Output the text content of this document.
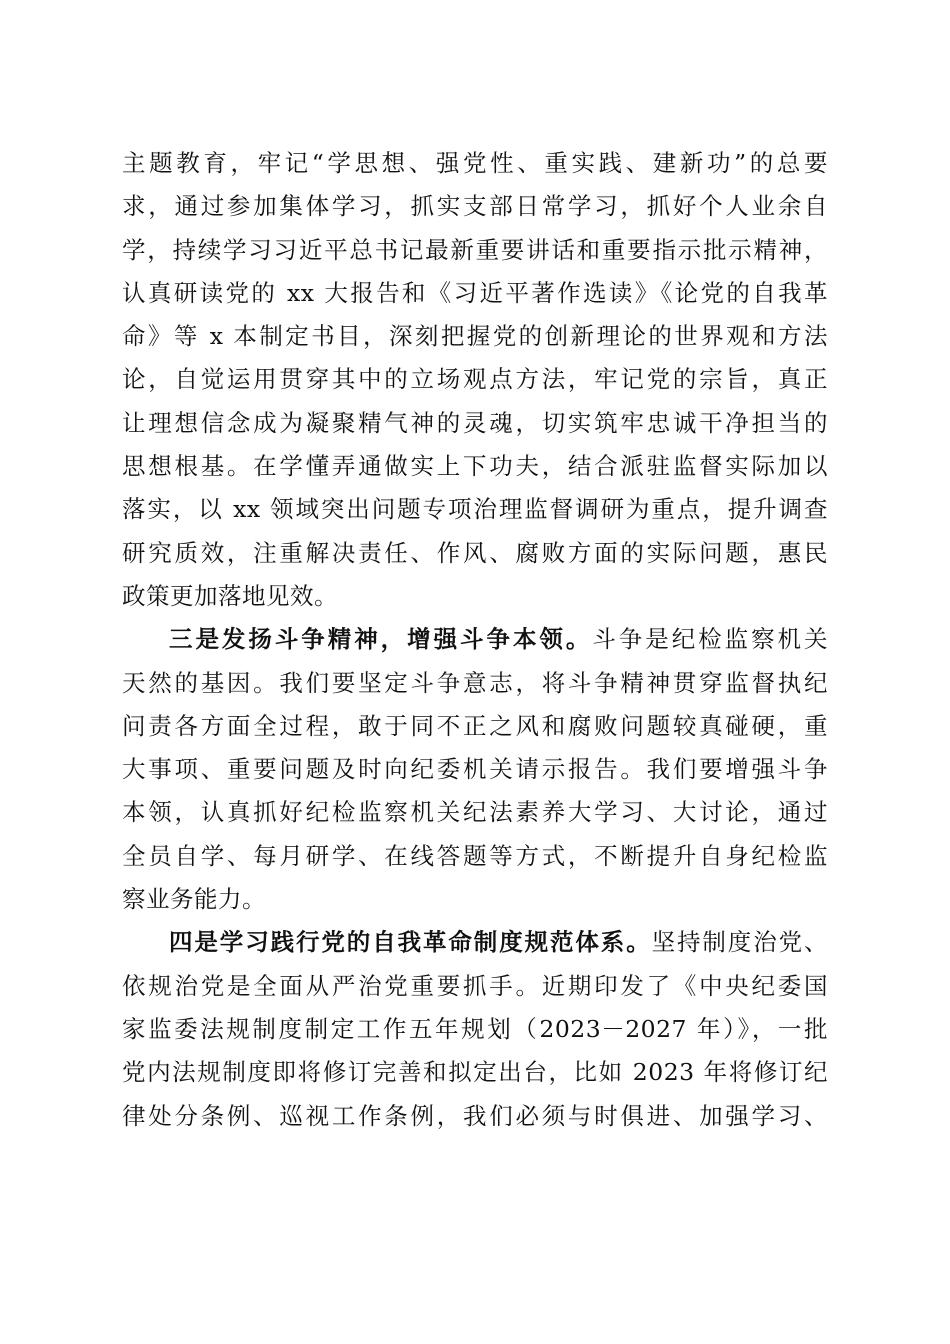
主题教育，牢记“学思想、强党性、重实践、建新功”的总要
求，通过参加集体学习，抓实支部日常学习，抓好个人业余自
学，持续学习习近平总书记最新重要讲话和重要指示批示精神，
认真研读党的 xx 大报告和《习近平著作选读》《论党的自我革
命》等 x 本制定书目，深刻把握党的创新理论的世界观和方法
论，自觉运用贯穿其中的立场观点方法，牢记党的宗旨，真正
让理想信念成为凝聚精气神的灵魂，切实筑牢忠诚干净担当的
思想根基。在学懂弄通做实上下功夫，结合派驻监督实际加以
落实，以 xx 领域突出问题专项治理监督调研为重点，提升调查
研究质效，注重解决责任、作风、腐败方面的实际问题，惠民
政策更加落地见效。
三是发扬斗争精神，增强斗争本领。斗争是纪检监察机关
天然的基因。我们要坚定斗争意志，将斗争精神贯穿监督执纪
问责各方面全过程，敢于同不正之风和腐败问题较真碰硬，重
大事项、重要问题及时向纪委机关请示报告。我们要增强斗争
本领，认真抓好纪检监察机关纪法素养大学习、大讨论，通过
全员自学、每月研学、在线答题等方式，不断提升自身纪检监
察业务能力。
四是学习践行党的自我革命制度规范体系。坚持制度治党、
依规治党是全面从严治党重要抓手。近期印发了《中央纪委国
家监委法规制度制定工作五年规划（2023－2027 年）》，一批
党内法规制度即将修订完善和拟定出台，比如 2023 年将修订纪
律处分条例、巡视工作条例，我们必须与时俱进、加强学习、
